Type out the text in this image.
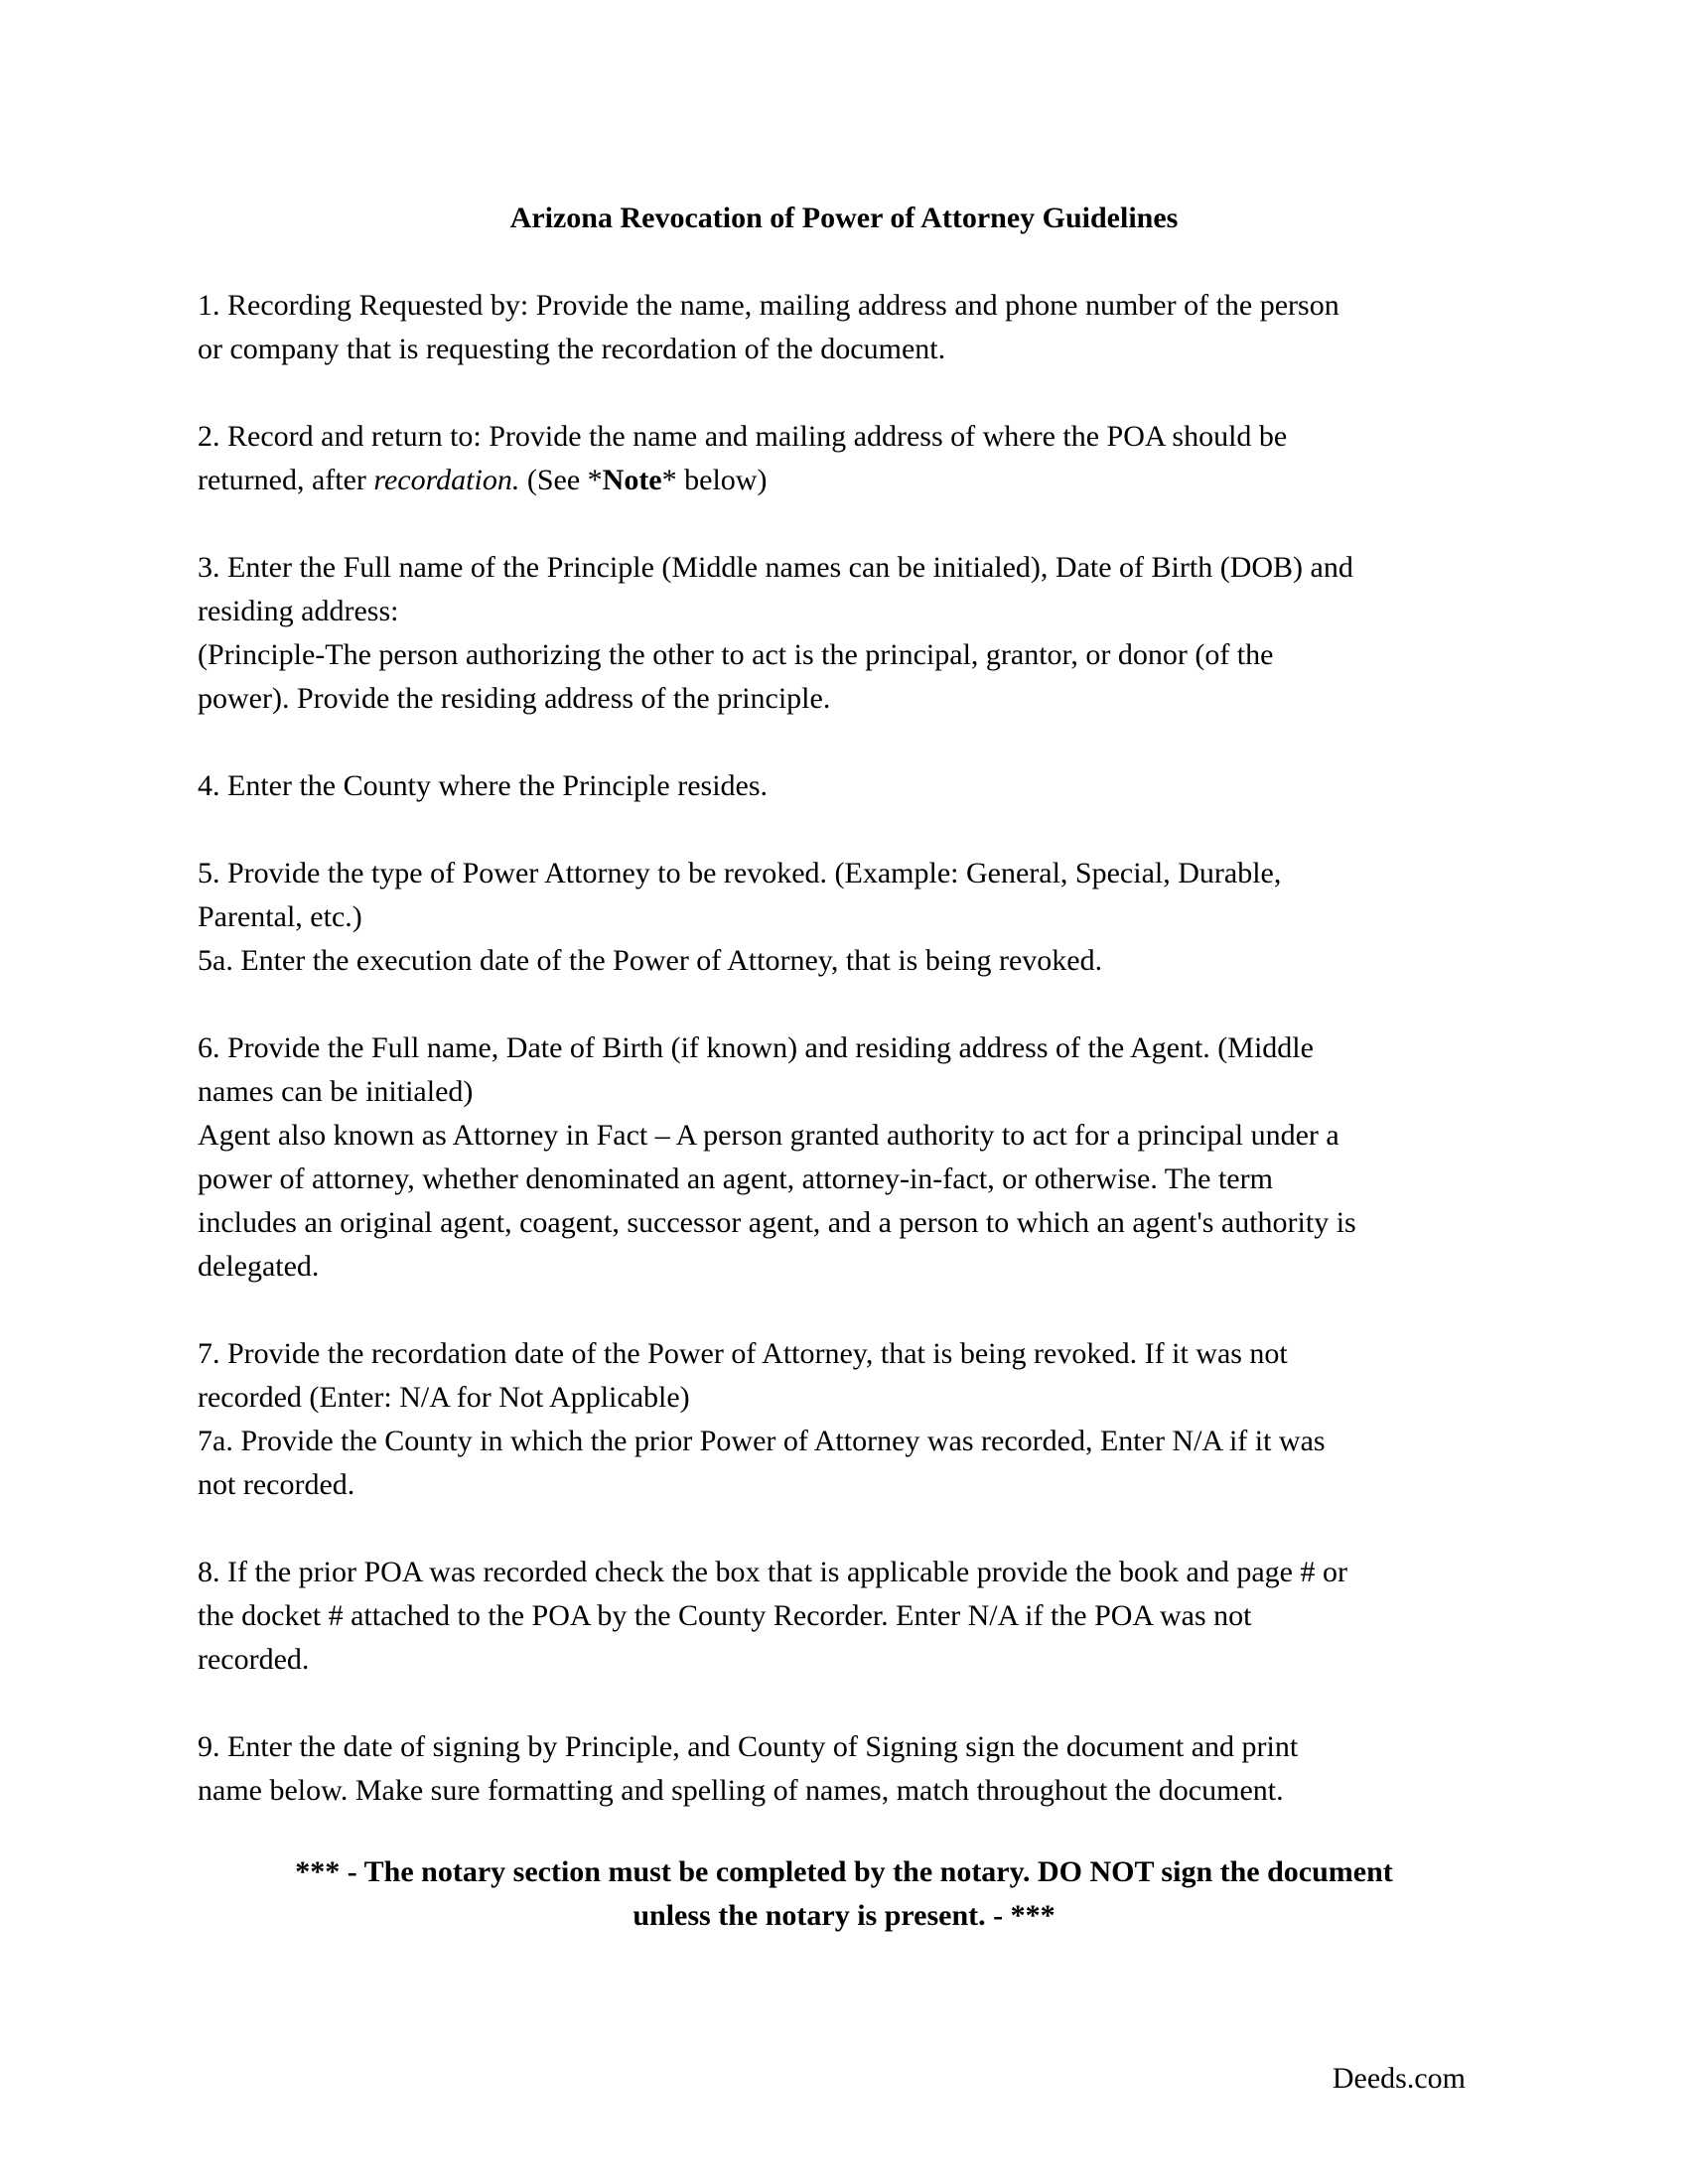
Arizona Revocation of Power of Attorney Guidelines

1. Recording Requested by: Provide the name, mailing address and phone number of the person
or company that is requesting the recordation of the document.

2. Record and return to: Provide the name and mailing address of where the POA should be
returned, after recordation. (See *Note* below)

3. Enter the Full name of the Principle (Middle names can be initialed), Date of Birth (DOB) and
residing address:
(Principle-The person authorizing the other to act is the principal, grantor, or donor (of the
power). Provide the residing address of the principle.

4. Enter the County where the Principle resides.

5. Provide the type of Power Attorney to be revoked. (Example: General, Special, Durable,
Parental, etc.)
5a. Enter the execution date of the Power of Attorney, that is being revoked.

6. Provide the Full name, Date of Birth (if known) and residing address of the Agent. (Middle
names can be initialed)
Agent also known as Attorney in Fact – A person granted authority to act for a principal under a
power of attorney, whether denominated an agent, attorney-in-fact, or otherwise. The term
includes an original agent, coagent, successor agent, and a person to which an agent's authority is
delegated.

7. Provide the recordation date of the Power of Attorney, that is being revoked. If it was not
recorded (Enter: N/A for Not Applicable)
7a. Provide the County in which the prior Power of Attorney was recorded, Enter N/A if it was
not recorded.

8. If the prior POA was recorded check the box that is applicable provide the book and page # or
the docket # attached to the POA by the County Recorder. Enter N/A if the POA was not
recorded.

9. Enter the date of signing by Principle, and County of Signing sign the document and print
name below. Make sure formatting and spelling of names, match throughout the document.

*** - The notary section must be completed by the notary. DO NOT sign the document
unless the notary is present. - ***
Deeds.com
